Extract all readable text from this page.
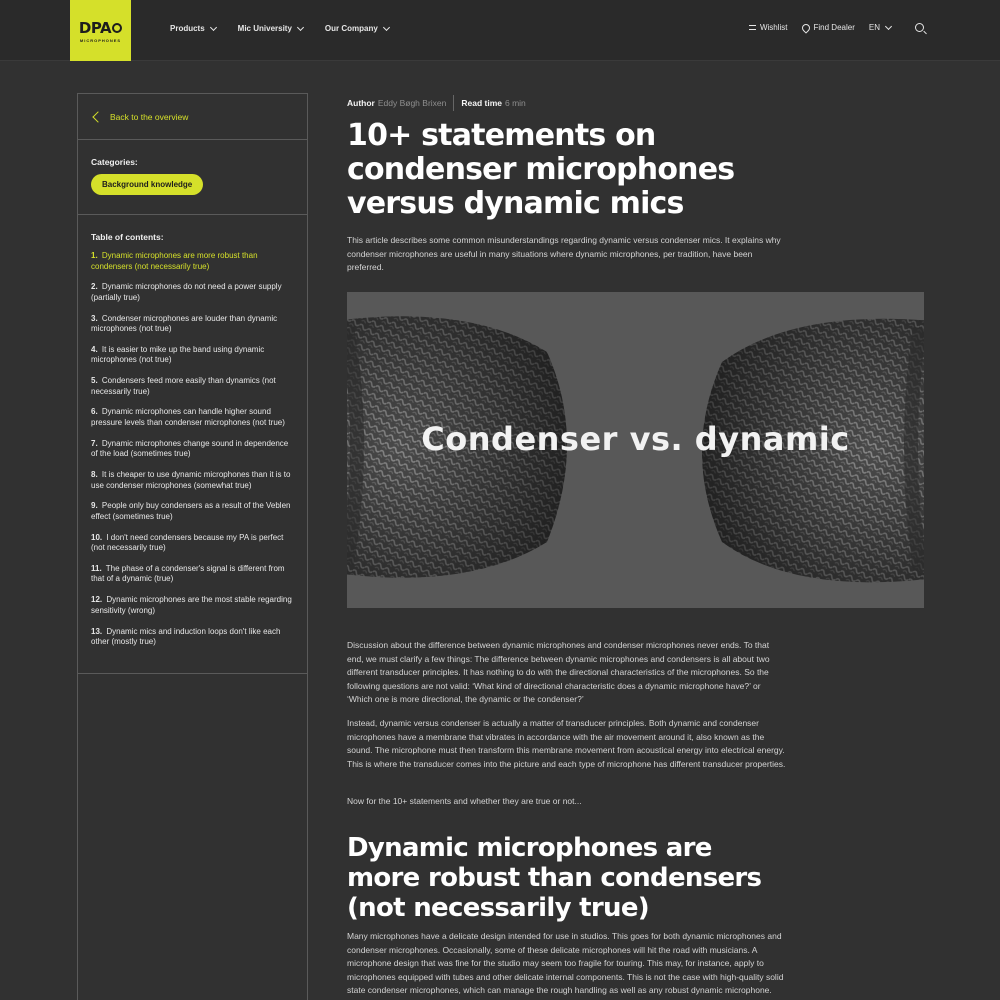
DPA
MICROPHONES
Products	Mic University	Our Company	Wishlist	Find Dealer EN
Back to the overview
Categories:
Background knowledge
Table of contents:
1. Dynamic microphones are more robust than condensers (not necessarily true)
2. Dynamic microphones do not need a power supply (partially true)
3. Condenser microphones are louder than dynamic microphones (not true)
4. It is easier to mike up the band using dynamic microphones (not true)
5. Condensers feed more easily than dynamics (not necessarily true)
6. Dynamic microphones can handle higher sound pressure levels than condenser microphones (not true)
7. Dynamic microphones change sound in dependence of the load (sometimes true)
8. It is cheaper to use dynamic microphones than it is to use condenser microphones (somewhat true)
9. People only buy condensers as a result of the Veblen effect (sometimes true)
10. I don't need condensers because my PA is perfect (not necessarily true)
11. The phase of a condenser's signal is different from that of a dynamic (true)
12. Dynamic microphones are the most stable regarding sensitivity (wrong)
13. Dynamic mics and induction loops don't like each other (mostly true)
Author Eddy Bøgh Brixen Read time 6 min
10+ statements on condenser microphones versus dynamic mics

This article describes some common misunderstandings regarding dynamic versus condenser mics. It explains why condenser microphones are useful in many situations where dynamic microphones, per tradition, have been preferred.

Condenser vs. dynamic

Discussion about the difference between dynamic microphones and condenser microphones never ends. To that end, we must clarify a few things: The difference between dynamic microphones and condensers is all about two different transducer principles. It has nothing to do with the directional characteristics of the microphones. So the following questions are not valid: ‘What kind of directional characteristic does a dynamic microphone have?’ or ‘Which one is more directional, the dynamic or the condenser?’

Instead, dynamic versus condenser is actually a matter of transducer principles. Both dynamic and condenser microphones have a membrane that vibrates in accordance with the air movement around it, also known as the sound. The microphone must then transform this membrane movement from acoustical energy into electrical energy. This is where the transducer comes into the picture and each type of microphone has different transducer properties.

Now for the 10+ statements and whether they are true or not...

Dynamic microphones are more robust than condensers (not necessarily true)

Many microphones have a delicate design intended for use in studios. This goes for both dynamic microphones and condenser microphones. Occasionally, some of these delicate microphones will hit the road with musicians. A microphone design that was fine for the studio may seem too fragile for touring. This may, for instance, apply to microphones equipped with tubes and other delicate internal components. This is not the case with high-quality solid state condenser microphones, which can manage the rough handling as well as any robust dynamic microphone.
